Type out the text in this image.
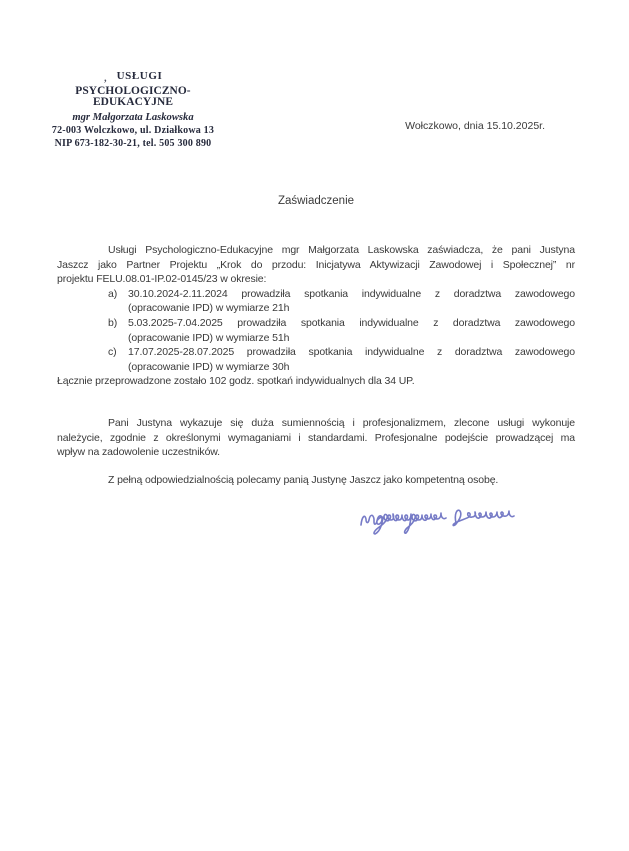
‚ USŁUGI
PSYCHOLOGICZNO-EDUKACYJNE
mgr Małgorzata Laskowska
72-003 Wolczkowo, ul. Działkowa 13
NIP 673-182-30-21, tel. 505 300 890
Wołczkowo, dnia 15.10.2025r.
Zaświadczenie
Usługi Psychologiczno-Edukacyjne mgr Małgorzata Laskowska zaświadcza, że pani Justyna
Jaszcz jako Partner Projektu „Krok do przodu: Inicjatywa Aktywizacji Zawodowej i Społecznej” nr
projektu FELU.08.01-IP.02-0145/23 w okresie:
a)	30.10.2024-2.11.2024 prowadziła spotkania indywidualne z doradztwa zawodowego
(opracowanie IPD) w wymiarze 21h
b)	5.03.2025-7.04.2025 prowadziła spotkania indywidualne z doradztwa zawodowego
(opracowanie IPD) w wymiarze 51h
c)	17.07.2025-28.07.2025 prowadziła spotkania indywidualne z doradztwa zawodowego
(opracowanie IPD) w wymiarze 30h
Łącznie przeprowadzone zostało 102 godz. spotkań indywidualnych dla 34 UP.
Pani Justyna wykazuje się duża sumiennością i profesjonalizmem, zlecone usługi wykonuje
należycie, zgodnie z określonymi wymaganiami i standardami. Profesjonalne podejście prowadzącej ma
wpływ na zadowolenie uczestników.
Z pełną odpowiedzialnością polecamy panią Justynę Jaszcz jako kompetentną osobę.
